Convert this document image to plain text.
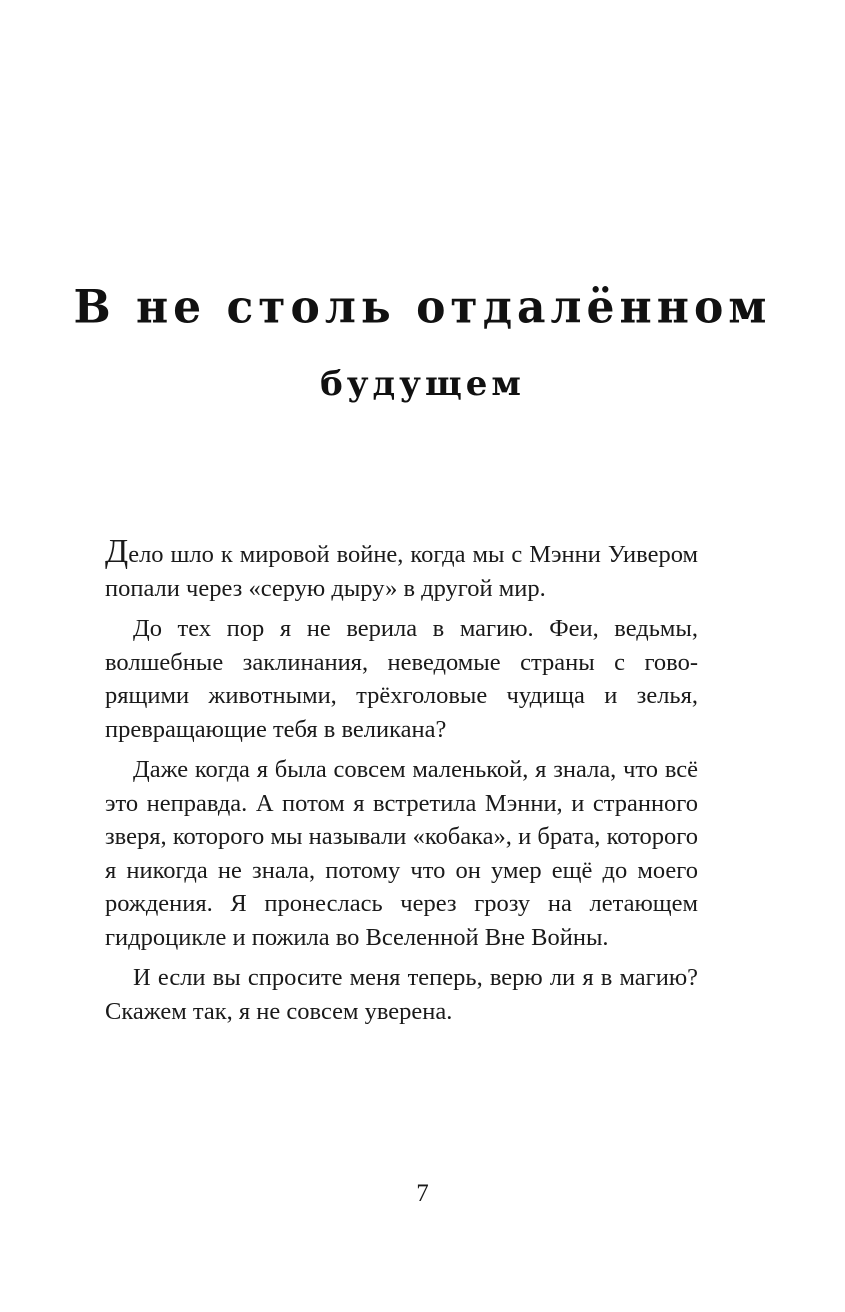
В не столь отдалённом
будущем

Дело шло к мировой войне, когда мы с Мэнни Уивером попали через «серую дыру» в другой мир.

До тех пор я не верила в магию. Феи, ведьмы, волшебные заклинания, неведомые страны с говорящими животными, трёхголовые чудища и зелья, превращающие тебя в великана?

Даже когда я была совсем маленькой, я знала, что всё это неправда. А потом я встретила Мэнни, и странного зверя, которого мы называли «кобака», и брата, которого я никогда не знала, потому что он умер ещё до моего рождения. Я пронеслась через грозу на летающем гидроцикле и пожила во Вселенной Вне Войны.

И если вы спросите меня теперь, верю ли я в магию? Скажем так, я не совсем уверена.

7
